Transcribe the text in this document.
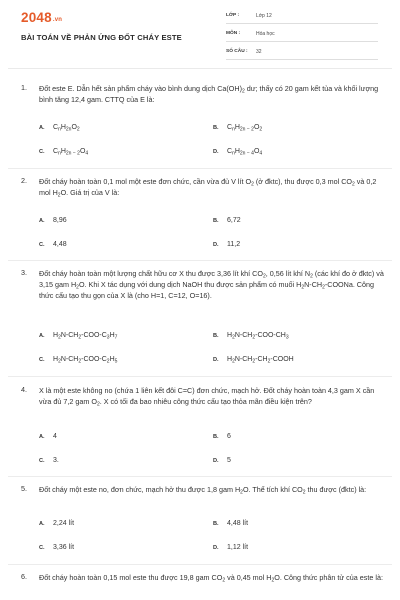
2048.vn
BÀI TOÁN VỀ PHẢN ỨNG ĐỐT CHÁY ESTE
LỚP :	Lớp 12
MÔN :	Hóa học
SỐ CÂU : 32
1. Đốt este E. Dẫn hết sản phẩm cháy vào bình dung dịch $Ca(OH)_2$ dư; thấy có 20 gam kết tủa và khối lượng bình tăng 12,4 gam. CTTQ của E là:
A. $C_nH_{2n}O_2$	B. $C_nH_{2n - 2}O_2$
C. $C_nH_{2n - 2}O_4$	D. $C_nH_{2n - 4}O_4$
2. Đốt cháy hoàn toàn 0,1 mol một este đơn chức, cần vừa đủ V lít $O_2$ (ở đktc), thu được 0,3 mol $CO_2$ và 0,2 mol $H_2O$. Giá trị của V là:
A. 8,96	B. 6,72
C. 4,48	D. 11,2
3. Đốt cháy hoàn toàn một lượng chất hữu cơ X thu được 3,36 lít khí $CO_2$, 0,56 lít khí $N_2$ (các khí đo ở đktc) và 3,15 gam $H_2O$. Khi X tác dụng với dung dịch NaOH thu được sản phẩm có muối $H_2N-CH_2$-COONa. Công thức cấu tạo thu gọn của X là (cho H=1, C=12, O=16).
A. $H_2N-CH_2-COO-C_3H_7$	B. $H_2N-CH_2-COO-CH_3$
C. $H_2N-CH_2-COO-C_2H_5$	D. $H_2N-CH_2-CH_2$-COOH
4. X là một este không no (chứa 1 liên kết đôi C=C) đơn chức, mạch hở. Đốt cháy hoàn toàn 4,3 gam X cần vừa đủ 7,2 gam $O_2$. X có tối đa bao nhiêu công thức cấu tạo thỏa mãn điều kiện trên?
A. 4	B. 6
C. 3.	D. 5
5. Đốt cháy một este no, đơn chức, mạch hở thu được 1,8 gam $H_2O$. Thể tích khí $CO_2$ thu được (đktc) là:
A. 2,24 lít	B. 4,48 lít
C. 3,36 lít	D. 1,12 lít
6. Đốt cháy hoàn toàn 0,15 mol este thu được 19,8 gam $CO_2$ và 0,45 mol $H_2O$. Công thức phân tử của este là:
